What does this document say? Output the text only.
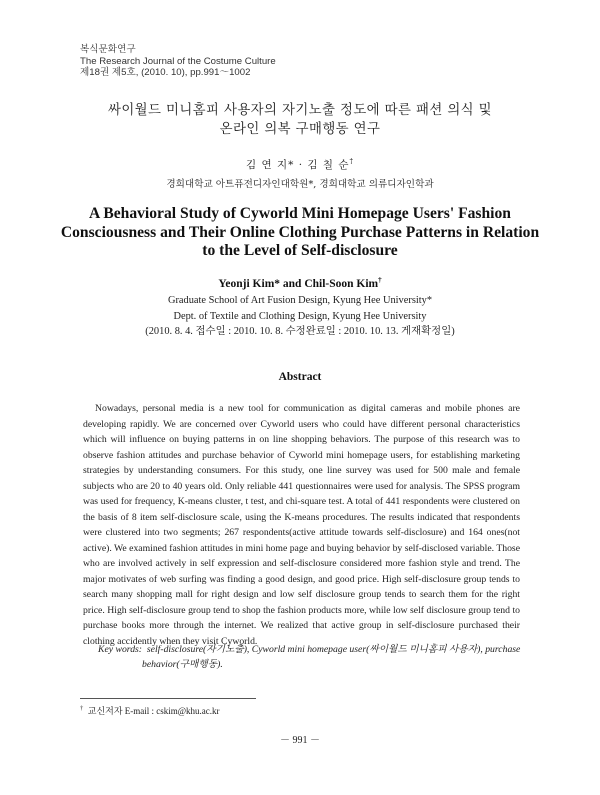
복식문화연구
The Research Journal of the Costume Culture
제18권 제5호, (2010. 10), pp.991～1002
싸이월드 미니홈피 사용자의 자기노출 정도에 따른 패션 의식 및
온라인 의복 구매행동 연구
김 연 지* · 김 칠 순†
경희대학교 아트퓨전디자인대학원*, 경희대학교 의류디자인학과
A Behavioral Study of Cyworld Mini Homepage Users' Fashion
Consciousness and Their Online Clothing Purchase Patterns in Relation
to the Level of Self-disclosure
Yeonji Kim* and Chil-Soon Kim†
Graduate School of Art Fusion Design, Kyung Hee University*
Dept. of Textile and Clothing Design, Kyung Hee University
(2010. 8. 4. 접수일 : 2010. 10. 8. 수정완료일 : 2010. 10. 13. 게재확정일)
Abstract
Nowadays, personal media is a new tool for communication as digital cameras and mobile phones are developing rapidly. We are concerned over Cyworld users who could have different personal characteristics which will influence on buying patterns in on line shopping behaviors. The purpose of this research was to observe fashion attitudes and purchase behavior of Cyworld mini homepage users, for establishing marketing strategies by understanding consumers. For this study, one line survey was used for 500 male and female subjects who are 20 to 40 years old. Only reliable 441 questionnaires were used for analysis. The SPSS program was used for frequency, K-means cluster, t test, and chi-square test. A total of 441 respondents were clustered on the basis of 8 item self-disclosure scale, using the K-means procedures. The results indicated that respondents were clustered into two segments; 267 respondents(active attitude towards self-disclosure) and 164 ones(not active). We examined fashion attitudes in mini home page and buying behavior by self-disclosed variable. Those who are involved actively in self expression and self-disclosure considered more fashion style and trend. The major motivates of web surfing was finding a good design, and good price. High self-disclosure group tends to search many shopping mall for right design and low self disclosure group tends to search them for the right price. High self-disclosure group tend to shop the fashion products more, while low self disclosure group tend to purchase books more through the internet. We realized that active group in self-disclosure purchased their clothing accidently when they visit Cyworld.
Key words: self-disclosure(자기노출), Cyworld mini homepage user(싸이월드 미니홈피 사용자), purchase behavior(구매행동).
† 교신저자 E-mail : cskim@khu.ac.kr
－ 991 －
